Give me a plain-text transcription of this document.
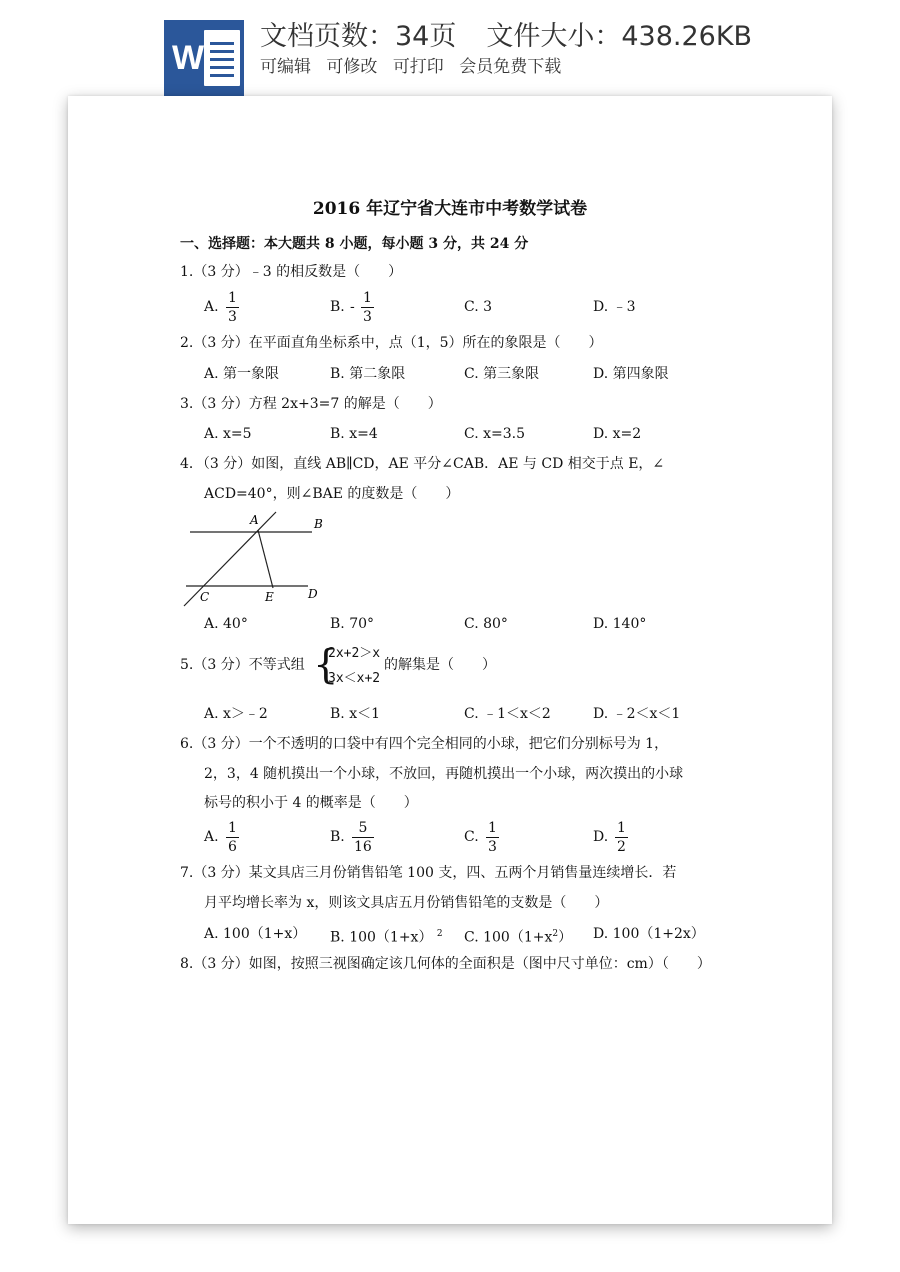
W
文档页数：34页 文件大小：438.26KB
可编辑 可修改 可打印 会员免费下载
2016 年辽宁省大连市中考数学试卷
一、选择题：本大题共 8 小题，每小题 3 分，共 24 分
1.（3 分）﹣3 的相反数是（　　）
A.
1
3
B. -
1
3
C. 3	D. ﹣3
2.（3 分）在平面直角坐标系中，点（1，5）所在的象限是（　　）
A. 第一象限	B. 第二象限	C. 第三象限	D. 第四象限
3.（3 分）方程 2x+3=7 的解是（　　）
A. x=5	B. x=4	C. x=3.5	D. x=2
4．（3 分）如图，直线 AB∥CD，AE 平分∠CAB．AE 与 CD 相交于点 E，∠
ACD=40°，则∠BAE 的度数是（　　）
A	B
C	E	D
A. 40°	B. 70°	C. 80°	D. 140°
5.（3 分）不等式组 {
2x+2＞x
3x＜x+2
的解集是（　　）
A. x＞﹣2	B. x＜1	C. ﹣1＜x＜2	D. ﹣2＜x＜1
6.（3 分）一个不透明的口袋中有四个完全相同的小球，把它们分别标号为 1，
2，3，4 随机摸出一个小球，不放回，再随机摸出一个小球，两次摸出的小球
标号的积小于 4 的概率是（　　）
A.
1
6
B.
5
16
C.
1
3
D.
1
2
7.（3 分）某文具店三月份销售铅笔 100 支，四、五两个月销售量连续增长．若
月平均增长率为 x，则该文具店五月份销售铅笔的支数是（　　）
A. 100（1+x） B. 100（1+x） $^2$ C. $100(1+x^2)$ D. 100（1+2x）
8.（3 分）如图，按照三视图确定该几何体的全面积是（图中尺寸单位：cm）（　　）
